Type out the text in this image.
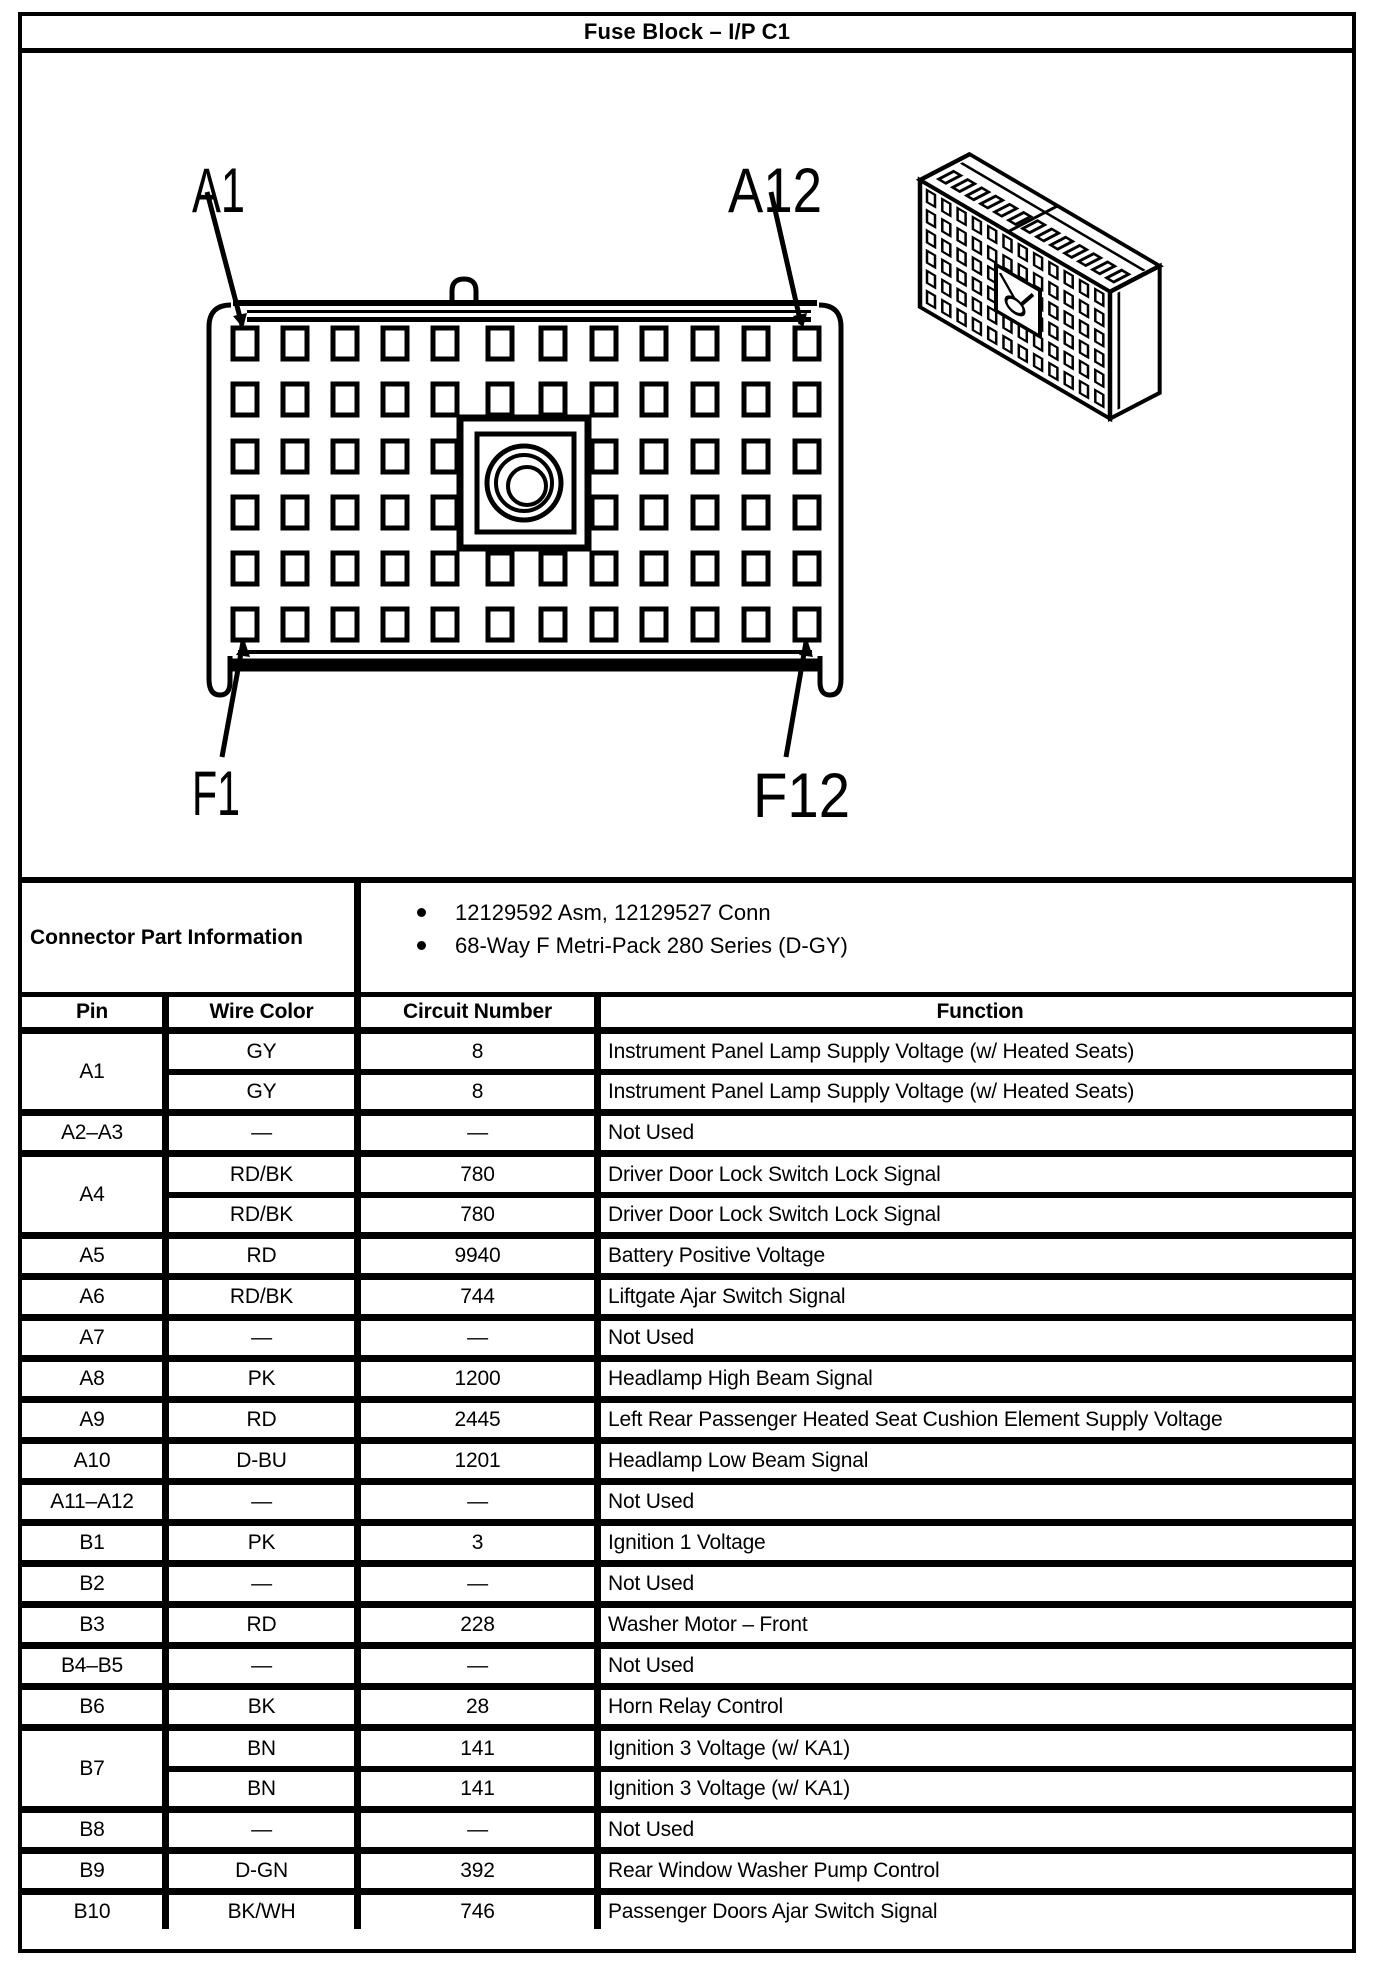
Fuse Block – I/P C1
A1	A12
F1	F12
Connector Part Information
12129592 Asm, 12129527 Conn
68-Way F Metri-Pack 280 Series (D-GY)
Pin	Wire Color	Circuit Number	Function
A1
GY	8	Instrument Panel Lamp Supply Voltage (w/ Heated Seats)
GY	8	Instrument Panel Lamp Supply Voltage (w/ Heated Seats)
A2–A3	—	—	Not Used
A4
RD/BK	780	Driver Door Lock Switch Lock Signal
RD/BK	780	Driver Door Lock Switch Lock Signal
A5	RD	9940	Battery Positive Voltage
A6	RD/BK	744	Liftgate Ajar Switch Signal
A7	—	—	Not Used
A8	PK	1200	Headlamp High Beam Signal
A9	RD	2445	Left Rear Passenger Heated Seat Cushion Element Supply Voltage
A10	D-BU	1201	Headlamp Low Beam Signal
A11–A12	—	—	Not Used
B1	PK	3	Ignition 1 Voltage
B2	—	—	Not Used
B3	RD	228	Washer Motor – Front
B4–B5	—	—	Not Used
B6	BK	28	Horn Relay Control
B7
BN	141	Ignition 3 Voltage (w/ KA1)
BN	141	Ignition 3 Voltage (w/ KA1)
B8	—	—	Not Used
B9	D-GN	392	Rear Window Washer Pump Control
B10	BK/WH	746	Passenger Doors Ajar Switch Signal
